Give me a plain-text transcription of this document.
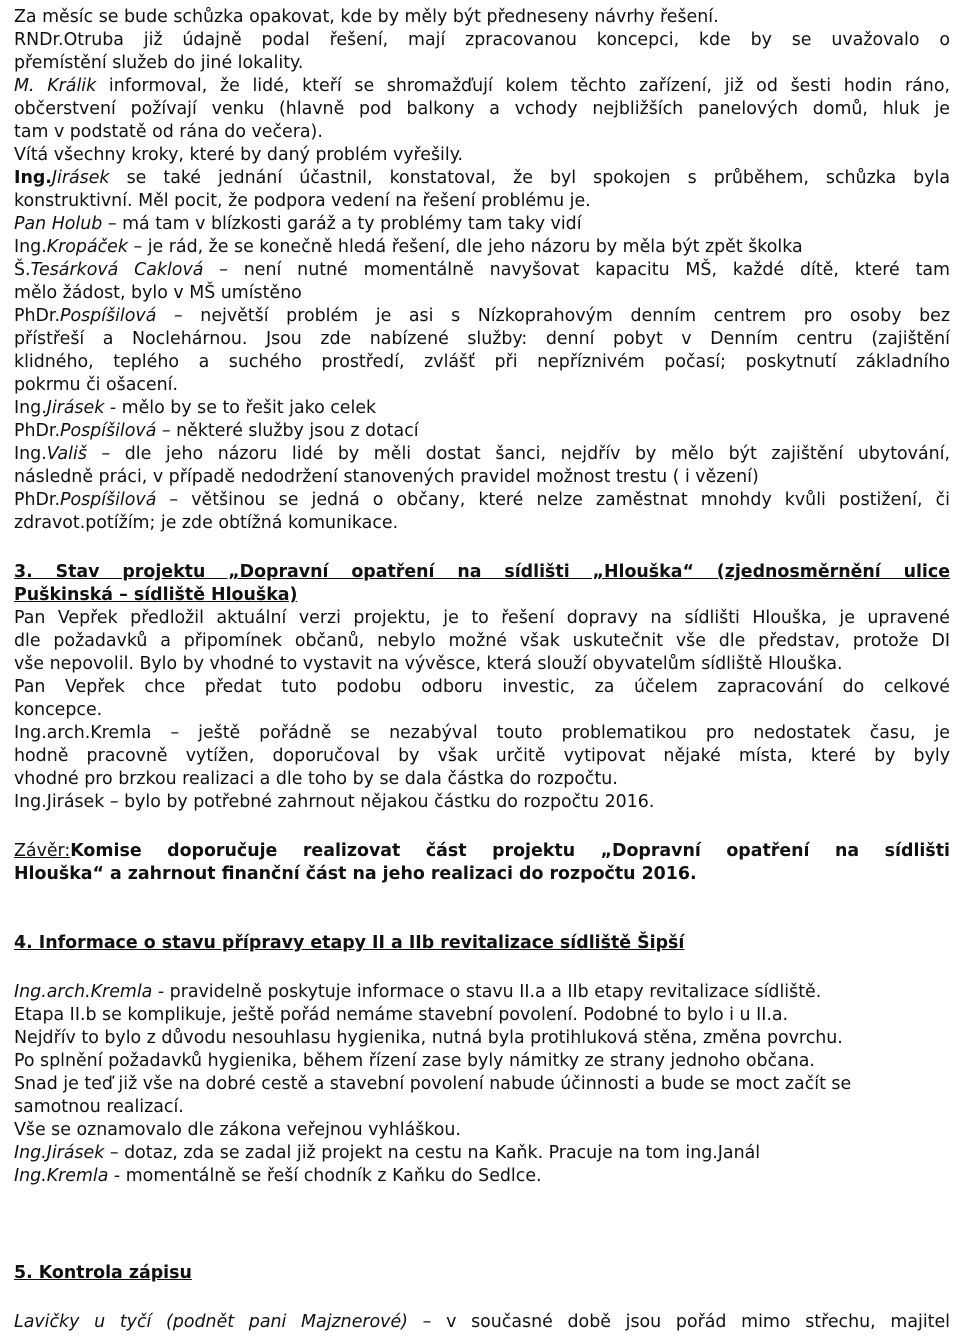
Za měsíc se bude schůzka opakovat, kde by měly být předneseny návrhy řešení.

RNDr.Otruba již údajně podal řešení, mají zpracovanou koncepci, kde by se uvažovalo o

přemístění služeb do jiné lokality.

M. Králik informoval, že lidé, kteří se shromažďují kolem těchto zařízení, již od šesti hodin ráno,

občerstvení požívají venku (hlavně pod balkony a vchody nejbližších panelových domů, hluk je

tam v podstatě od rána do večera).

Vítá všechny kroky, které by daný problém vyřešily.

Ing.Jirásek se také jednání účastnil, konstatoval, že byl spokojen s průběhem, schůzka byla

konstruktivní. Měl pocit, že podpora vedení na řešení problému je.

Pan Holub – má tam v blízkosti garáž a ty problémy tam taky vidí

Ing.Kropáček – je rád, že se konečně hledá řešení, dle jeho názoru by měla být zpět školka

Š.Tesárková Caklová – není nutné momentálně navyšovat kapacitu MŠ, každé dítě, které tam

mělo žádost, bylo v MŠ umístěno

PhDr.Pospíšilová – největší problém je asi s Nízkoprahovým denním centrem pro osoby bez

přístřeší a Noclehárnou. Jsou zde nabízené služby: denní pobyt v Denním centru (zajištění

klidného, teplého a suchého prostředí, zvlášť při nepříznivém počasí; poskytnutí základního

pokrmu či ošacení.

Ing.Jirásek - mělo by se to řešit jako celek

PhDr.Pospíšilová – některé služby jsou z dotací

Ing.Vališ – dle jeho názoru lidé by měli dostat šanci, nejdřív by mělo být zajištění ubytování,

následně práci, v případě nedodržení stanovených pravidel možnost trestu ( i vězení)

PhDr.Pospíšilová – většinou se jedná o občany, které nelze zaměstnat mnohdy kvůli postižení, či

zdravot.potížím; je zde obtížná komunikace.

3. Stav projektu „Dopravní opatření na sídlišti „Hlouška“ (zjednosměrnění ulice

Puškinská – sídliště Hlouška)

Pan Vepřek předložil aktuální verzi projektu, je to řešení dopravy na sídlišti Hlouška, je upravené

dle požadavků a připomínek občanů, nebylo možné však uskutečnit vše dle představ, protože DI

vše nepovolil. Bylo by vhodné to vystavit na vývěsce, která slouží obyvatelům sídliště Hlouška.

Pan Vepřek chce předat tuto podobu odboru investic, za účelem zapracování do celkové

koncepce.

Ing.arch.Kremla – ještě pořádně se nezabýval touto problematikou pro nedostatek času, je

hodně pracovně vytížen, doporučoval by však určitě vytipovat nějaké místa, které by byly

vhodné pro brzkou realizaci a dle toho by se dala částka do rozpočtu.

Ing.Jirásek – bylo by potřebné zahrnout nějakou částku do rozpočtu 2016.

Závěr:Komise doporučuje realizovat část projektu „Dopravní opatření na sídlišti

Hlouška“ a zahrnout finanční část na jeho realizaci do rozpočtu 2016.

4. Informace o stavu přípravy etapy II a IIb revitalizace sídliště Šipší

Ing.arch.Kremla - pravidelně poskytuje informace o stavu II.a a IIb etapy revitalizace sídliště.

Etapa II.b se komplikuje, ještě pořád nemáme stavební povolení. Podobné to bylo i u II.a.

Nejdřív to bylo z důvodu nesouhlasu hygienika, nutná byla protihluková stěna, změna povrchu.

Po splnění požadavků hygienika, během řízení zase byly námitky ze strany jednoho občana.

Snad je teď již vše na dobré cestě a stavební povolení nabude účinnosti a bude se moct začít se

samotnou realizací.

Vše se oznamovalo dle zákona veřejnou vyhláškou.

Ing.Jirásek – dotaz, zda se zadal již projekt na cestu na Kaňk. Pracuje na tom ing.Janál

Ing.Kremla - momentálně se řeší chodník z Kaňku do Sedlce.

5. Kontrola zápisu

Lavičky u tyčí (podnět pani Majznerové) – v současné době jsou pořád mimo střechu, majitel
